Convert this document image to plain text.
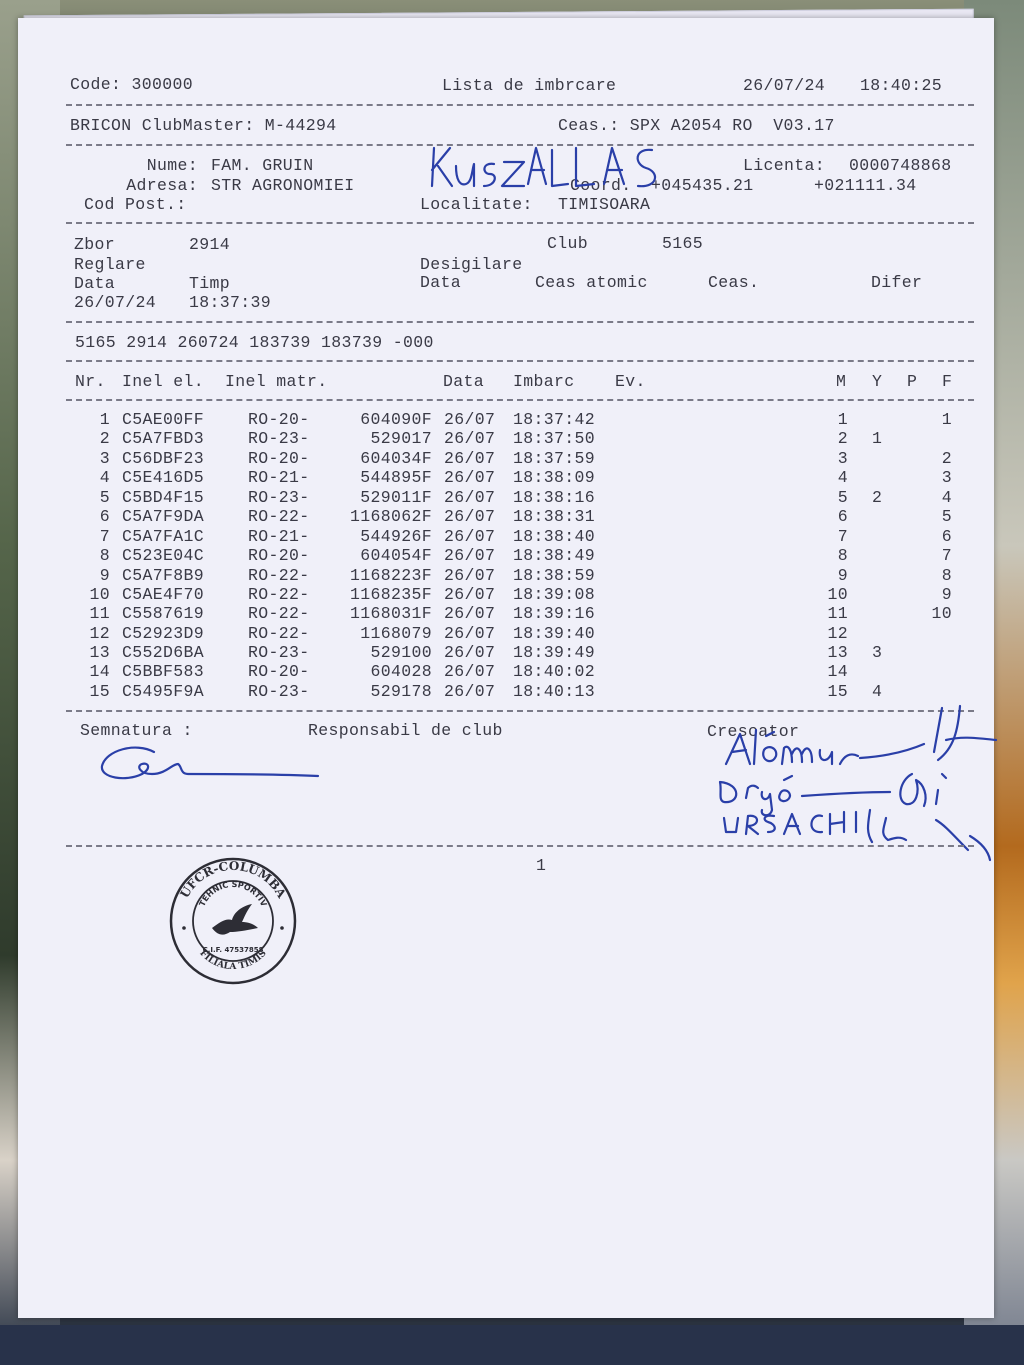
Code: 300000	Lista de imbrcare	26/07/24 18:40:25
BRICON ClubMaster: M-44294	Ceas.: SPX A2054 RO  V03.17
Nume: FAM. GRUIN
Adresa: STR AGRONOMIEI
Cod Post.:
Licenta: 0000748868
Coord. +045435.21	+021111.34
Localitate: TIMISOARA
Zbor	2914	Club	5165
Reglare	Desigilare
Data	Timp	Data	Ceas atomic	Ceas.	Difer
26/07/24 18:37:39
5165 2914 260724 183739 183739 -000
Nr. Inel el. Inel matr.	Data Imbarc Ev.	M Y P F
1 C5AE00FF	RO-20-	604090F 26/07 18:37:42	1	1
2 C5A7FBD3	RO-23-	529017 26/07 18:37:50	2 1
3 C56DBF23	RO-20-	604034F 26/07 18:37:59	3	2
4 C5E416D5	RO-21-	544895F 26/07 18:38:09	4	3
5 C5BD4F15	RO-23-	529011F 26/07 18:38:16	5 2	4
6 C5A7F9DA	RO-22-	1168062F 26/07 18:38:31	6	5
7 C5A7FA1C	RO-21-	544926F 26/07 18:38:40	7	6
8 C523E04C	RO-20-	604054F 26/07 18:38:49	8	7
9 C5A7F8B9	RO-22-	1168223F 26/07 18:38:59	9	8
10 C5AE4F70	RO-22-	1168235F 26/07 18:39:08	10	9
11 C5587619	RO-22-	1168031F 26/07 18:39:16	11	10
12 C52923D9	RO-22-	1168079 26/07 18:39:40	12
13 C552D6BA	RO-23-	529100 26/07 18:39:49	13 3
14 C5BBF583	RO-20-	604028 26/07 18:40:02	14
15 C5495F9A	RO-23-	529178 26/07 18:40:13	15 4
Semnatura :	Responsabil de club	Crescator
1
UFCR-COLUMBA
FILIALA TIMIS
TEHNIC SPORTIV
C.I.F. 47537858
